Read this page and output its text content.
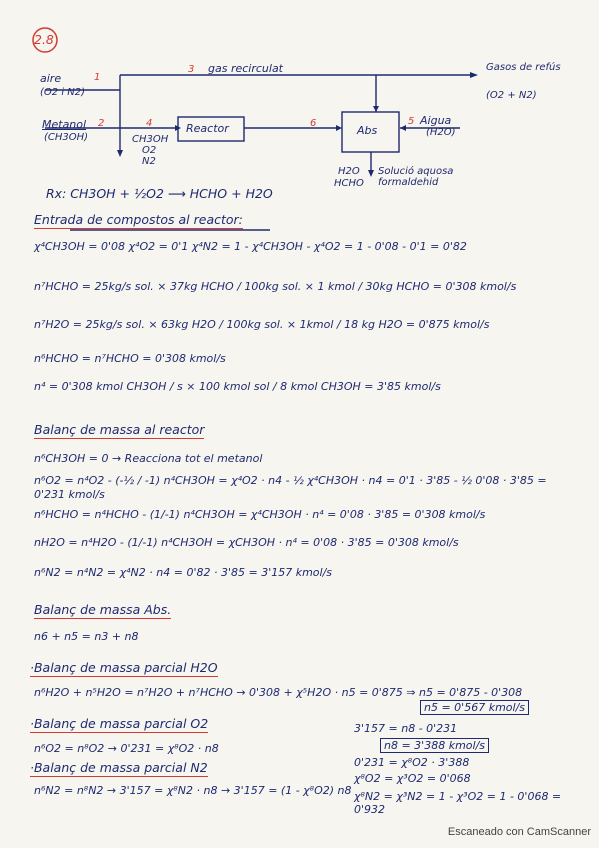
2.8
aire
(O2 i N2)
1
3 gas recirculat	Gasos de refús
(O2 + N2)
Metanol 2
(CH3OH)
4
CH3OH
O2
N2
Reactor	6
Abs
5 Aigua
(H2O)
H2O
HCHO
Solució aquosa formaldehid
Rx: CH3OH + ½O2 ⟶ HCHO + H2O
Entrada de compostos al reactor:
χ⁴CH3OH = 0'08 χ⁴O2 = 0'1 χ⁴N2 = 1 - χ⁴CH3OH - χ⁴O2 = 1 - 0'08 - 0'1 = 0'82
n⁷HCHO = 25kg/s sol. × 37kg HCHO / 100kg sol. × 1 kmol / 30kg HCHO = 0'308 kmol/s
n⁷H2O = 25kg/s sol. × 63kg H2O / 100kg sol. × 1kmol / 18 kg H2O = 0'875 kmol/s
n⁶HCHO = n⁷HCHO = 0'308 kmol/s
n⁴ = 0'308 kmol CH3OH / s × 100 kmol sol / 8 kmol CH3OH = 3'85 kmol/s
Balanç de massa al reactor
n⁶CH3OH = 0 → Reacciona tot el metanol
n⁶O2 = n⁴O2 - (-½ / -1) n⁴CH3OH = χ⁴O2 · n4 - ½ χ⁴CH3OH · n4 = 0'1 · 3'85 - ½ 0'08 · 3'85 = 0'231 kmol/s
n⁶HCHO = n⁴HCHO - (1/-1) n⁴CH3OH = χ⁴CH3OH · n⁴ = 0'08 · 3'85 = 0'308 kmol/s
nH2O = n⁴H2O - (1/-1) n⁴CH3OH = χCH3OH · n⁴ = 0'08 · 3'85 = 0'308 kmol/s
n⁶N2 = n⁴N2 = χ⁴N2 · n4 = 0'82 · 3'85 = 3'157 kmol/s
Balanç de massa Abs.
n6 + n5 = n3 + n8
·Balanç de massa parcial H2O
n⁶H2O + n⁵H2O = n⁷H2O + n⁷HCHO → 0'308 + χ⁵H2O · n5 = 0'875 ⇒ n5 = 0'875 - 0'308
n5 = 0'567 kmol/s
·Balanç de massa parcial O2
n⁶O2 = n⁸O2 → 0'231 = χ⁸O2 · n8
·Balanç de massa parcial N2
n⁶N2 = n⁸N2 → 3'157 = χ⁸N2 · n8 → 3'157 = (1 - χ⁸O2) n8
3'157 = n8 - 0'231
n8 = 3'388 kmol/s
0'231 = χ⁸O2 · 3'388
χ⁸O2 = χ³O2 = 0'068
χ⁸N2 = χ³N2 = 1 - χ³O2 = 1 - 0'068 = 0'932
Escaneado con CamScanner
